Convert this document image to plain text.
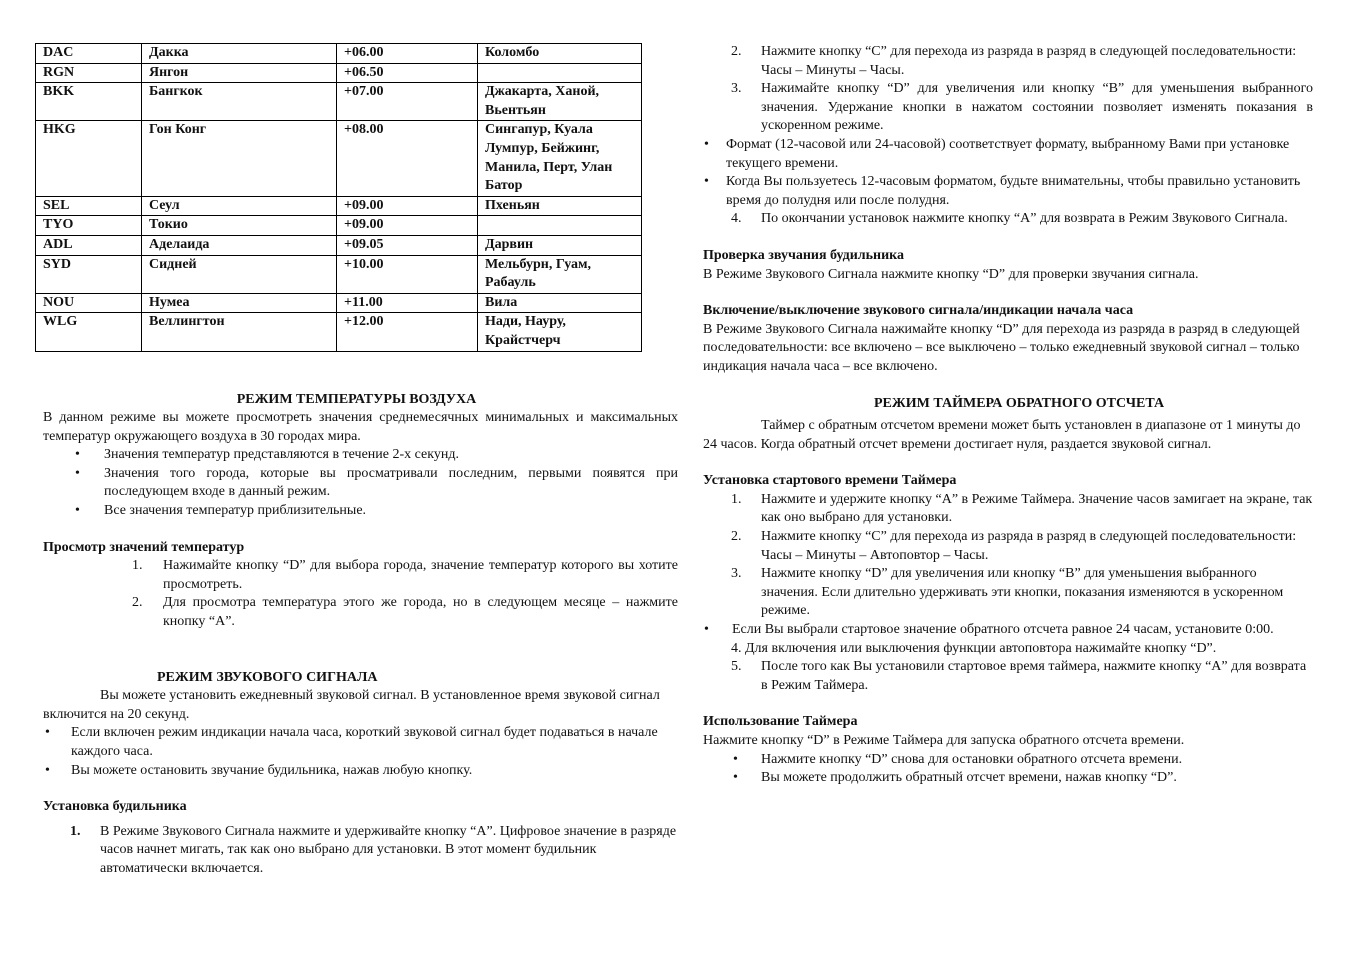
DAC	Дакка	+06.00	Коломбо
RGN	Янгон	+06.50	
BKK	Бангкок	+07.00	Джакарта, Ханой, Вьентьян
HKG	Гон Конг	+08.00	Сингапур, Куала Лумпур, Бейжинг, Манила, Перт, Улан Батор
SEL	Сеул	+09.00	Пхеньян
TYO	Токио	+09.00	
ADL	Аделаида	+09.05	Дарвин
SYD	Сидней	+10.00	Мельбурн, Гуам, Рабауль
NOU	Нумеа	+11.00	Вила
WLG	Веллингтон	+12.00	Нади, Науру, Крайстчерч
РЕЖИМ ТЕМПЕРАТУРЫ ВОЗДУХА
В данном режиме вы можете просмотреть значения среднемесячных минимальных и максимальных температур окружающего воздуха в 30 городах мира.
• Значения температур представляются в течение 2-х секунд.
• Значения того города, которые вы просматривали последним, первыми появятся при последующем входе в данный режим.
• Все значения температур приблизительные.
Просмотр значений температур
1. Нажимайте кнопку “D” для выбора города, значение температур которого вы хотите просмотреть.
2. Для просмотра температура этого же города, но в следующем месяце – нажмите кнопку “A”.
РЕЖИМ ЗВУКОВОГО СИГНАЛА
Вы можете установить ежедневный звуковой сигнал. В установленное время звуковой сигнал включится на 20 секунд.
• Если включен режим индикации начала часа, короткий звуковой сигнал будет подаваться в начале каждого часа.
• Вы можете остановить звучание будильника, нажав любую кнопку.
Установка будильника
1. В Режиме Звукового Сигнала нажмите и удерживайте кнопку “A”. Цифровое значение в разряде часов начнет мигать, так как оно выбрано для установки. В этот момент будильник автоматически включается.
2. Нажмите кнопку “C” для перехода из разряда в разряд в следующей последовательности:
Часы – Минуты – Часы.
3. Нажимайте кнопку “D” для увеличения или кнопку “B” для уменьшения выбранного значения. Удержание кнопки в нажатом состоянии позволяет изменять показания в ускоренном режиме.
• Формат (12-часовой или 24-часовой) соответствует формату, выбранному Вами при установке текущего времени.
• Когда Вы пользуетесь 12-часовым форматом, будьте внимательны, чтобы правильно установить время до полудня или после полудня.
4. По окончании установок нажмите кнопку “A” для возврата в Режим Звукового Сигнала.
Проверка звучания будильника
В Режиме Звукового Сигнала нажмите кнопку “D” для проверки звучания сигнала.
Включение/выключение звукового сигнала/индикации начала часа
В Режиме Звукового Сигнала нажимайте кнопку “D” для перехода из разряда в разряд в следующей последовательности: все включено – все выключено – только ежедневный звуковой сигнал – только индикация начала часа – все включено.
РЕЖИМ ТАЙМЕРА ОБРАТНОГО ОТСЧЕТА
Таймер с обратным отсчетом времени может быть установлен в диапазоне от 1 минуты до 24 часов. Когда обратный отсчет времени достигает нуля, раздается звуковой сигнал.
Установка стартового времени Таймера
1. Нажмите и удержите кнопку “A” в Режиме Таймера. Значение часов замигает на экране, так как оно выбрано для установки.
2. Нажмите кнопку “C” для перехода из разряда в разряд в следующей последовательности: Часы – Минуты – Автоповтор – Часы.
3. Нажмите кнопку “D” для увеличения или кнопку “B” для уменьшения выбранного значения. Если длительно удерживать эти кнопки, показания изменяются в ускоренном режиме.
• Если Вы выбрали стартовое значение обратного отсчета равное 24 часам, установите 0:00.
4. Для включения или выключения функции автоповтора нажимайте кнопку “D”.
5. После того как Вы установили стартовое время таймера, нажмите кнопку “A” для возврата в Режим Таймера.
Использование Таймера
Нажмите кнопку “D” в Режиме Таймера для запуска обратного отсчета времени.
• Нажмите кнопку “D” снова для остановки обратного отсчета времени.
• Вы можете продолжить обратный отсчет времени, нажав кнопку “D”.
